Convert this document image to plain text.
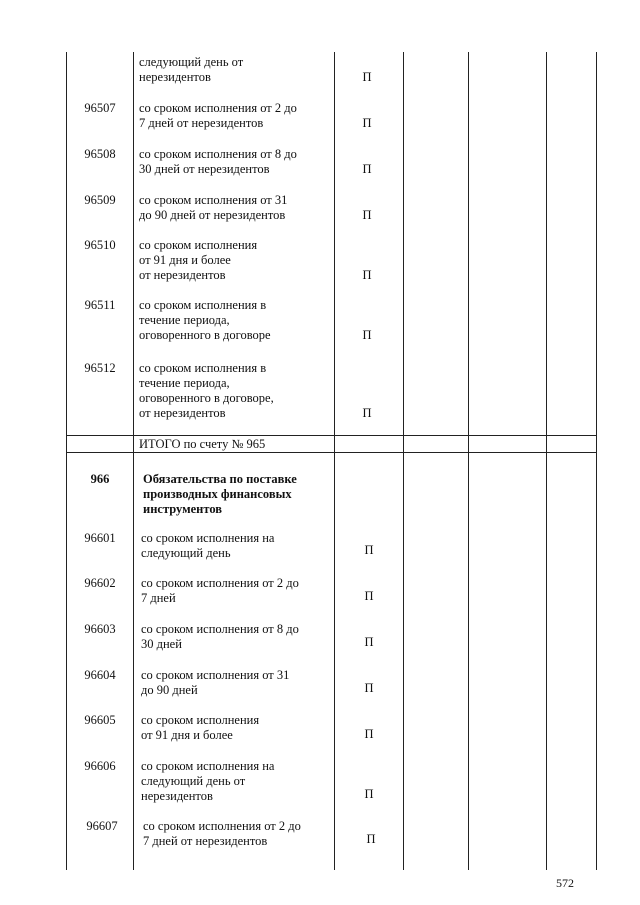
следующий день от
нерезидентов	П
96507	со сроком исполнения от 2 до
7 дней от нерезидентов	П
96508	со сроком исполнения от 8 до
30 дней от нерезидентов	П
96509	со сроком исполнения от 31
до 90 дней от нерезидентов	П
96510	со сроком исполнения
от 91 дня и более
от нерезидентов	П
96511	со сроком исполнения в
течение периода,
оговоренного в договоре	П
96512	со сроком исполнения в
течение периода,
оговоренного в договоре,
от нерезидентов	П
ИТОГО по счету № 965
966	Обязательства по поставке
производных финансовых
инструментов
96601	со сроком исполнения на
следующий день	П
96602	со сроком исполнения от 2 до
7 дней	П
96603	со сроком исполнения от 8 до
30 дней	П
96604	со сроком исполнения от 31
до 90 дней	П
96605	со сроком исполнения
от 91 дня и более	П
96606	со сроком исполнения на
следующий день от
нерезидентов	П
96607	со сроком исполнения от 2 до
7 дней от нерезидентов	П
572
